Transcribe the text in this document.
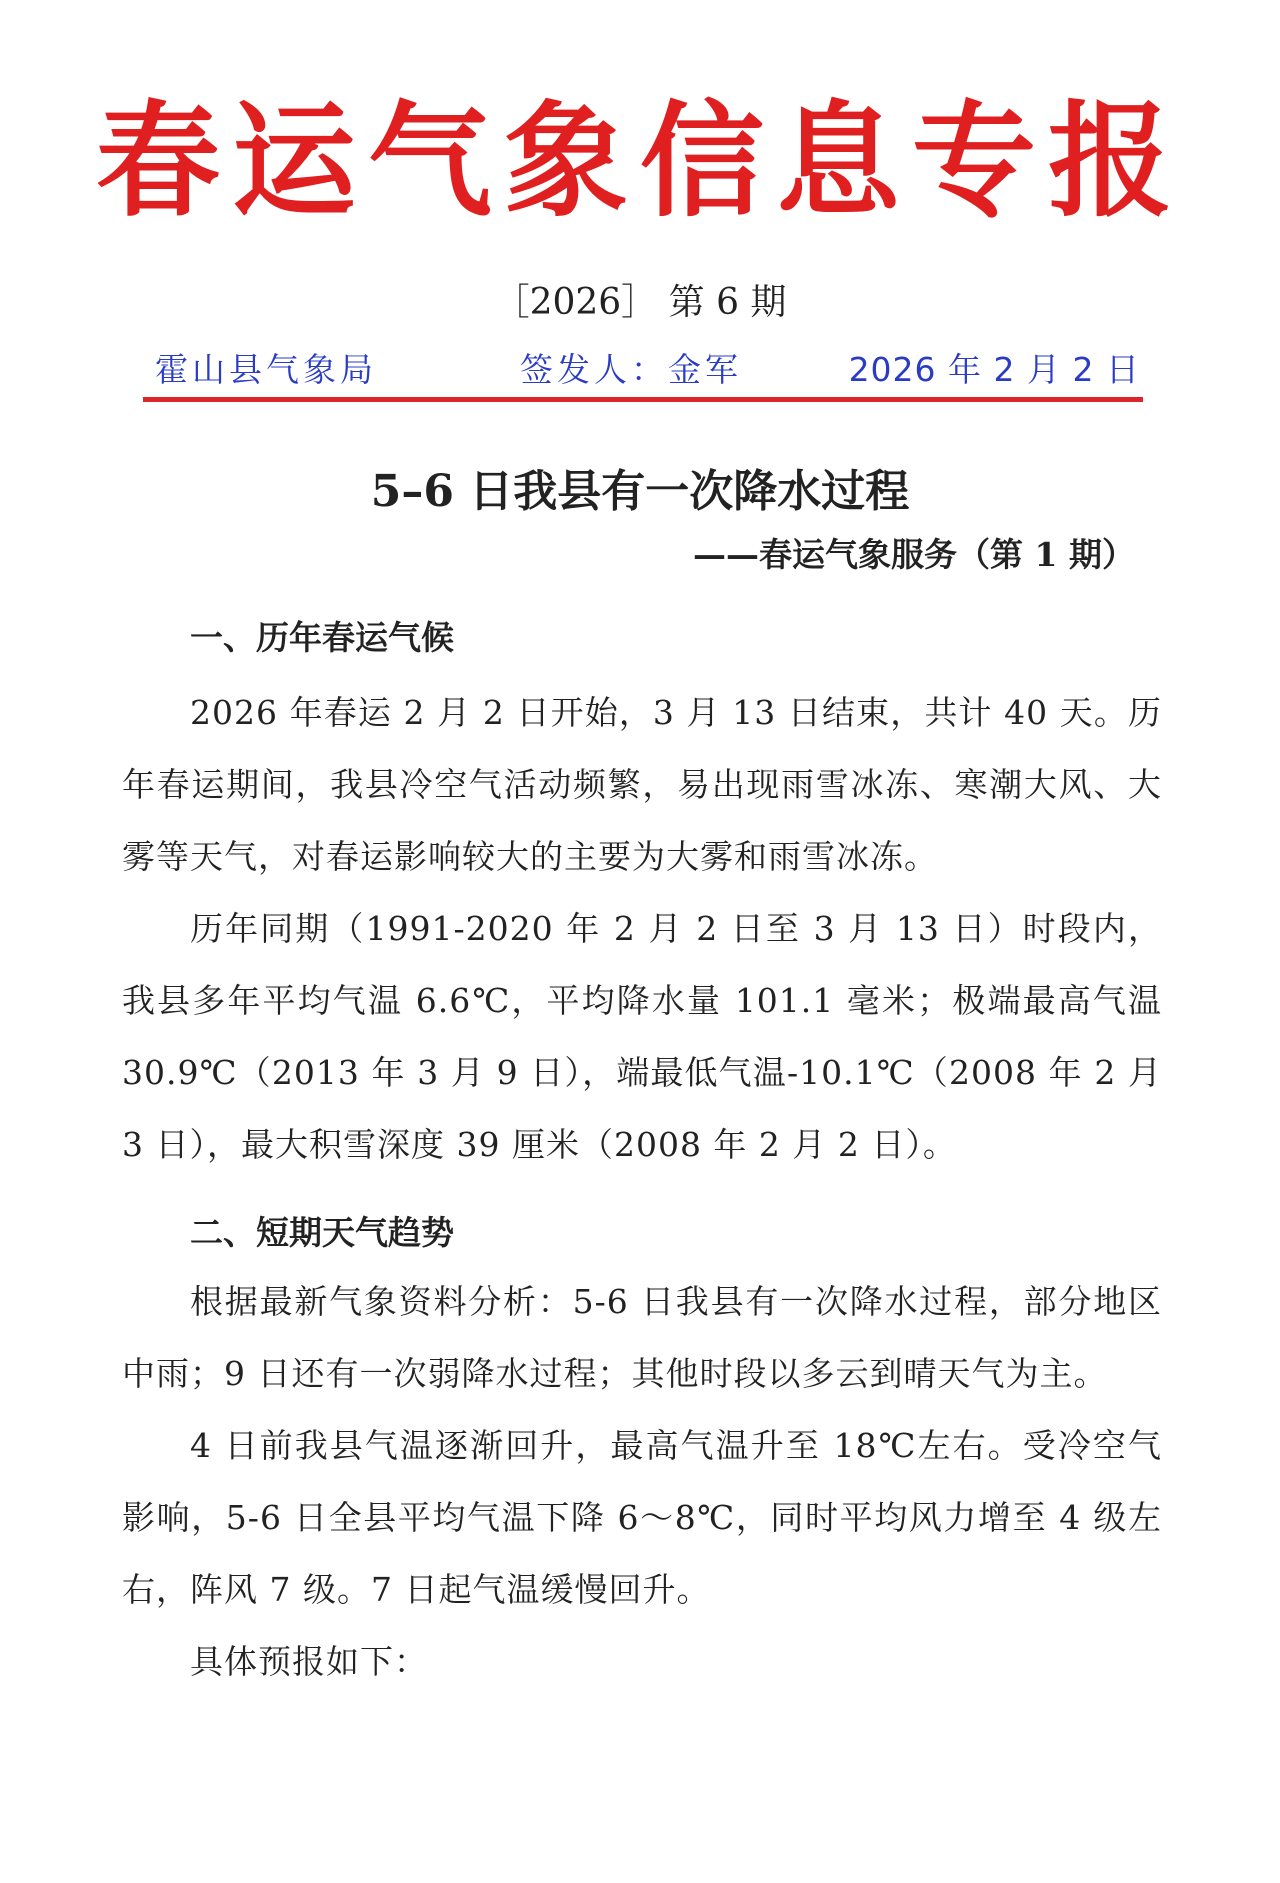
春运气象信息专报
［2026］ 第 6 期
霍山县气象局	签发人：金军	2026 年 2 月 2 日
5–6 日我县有一次降水过程
——春运气象服务（第 1 期）
一、历年春运气候
2026 年春运 2 月 2 日开始，3 月 13 日结束，共计 40 天。历年春运期间，我县冷空气活动频繁，易出现雨雪冰冻、寒潮大风、大雾等天气，对春运影响较大的主要为大雾和雨雪冰冻。
历年同期（1991-2020 年 2 月 2 日至 3 月 13 日）时段内，我县多年平均气温 6.6℃，平均降水量 101.1 毫米；极端最高气温 30.9℃（2013 年 3 月 9 日），端最低气温-10.1℃（2008 年 2 月 3 日），最大积雪深度 39 厘米（2008 年 2 月 2 日）。
二、短期天气趋势
根据最新气象资料分析：5-6 日我县有一次降水过程，部分地区中雨；9 日还有一次弱降水过程；其他时段以多云到晴天气为主。
4 日前我县气温逐渐回升，最高气温升至 18℃左右。受冷空气影响，5-6 日全县平均气温下降 6～8℃，同时平均风力增至 4 级左右，阵风 7 级。7 日起气温缓慢回升。
具体预报如下：
